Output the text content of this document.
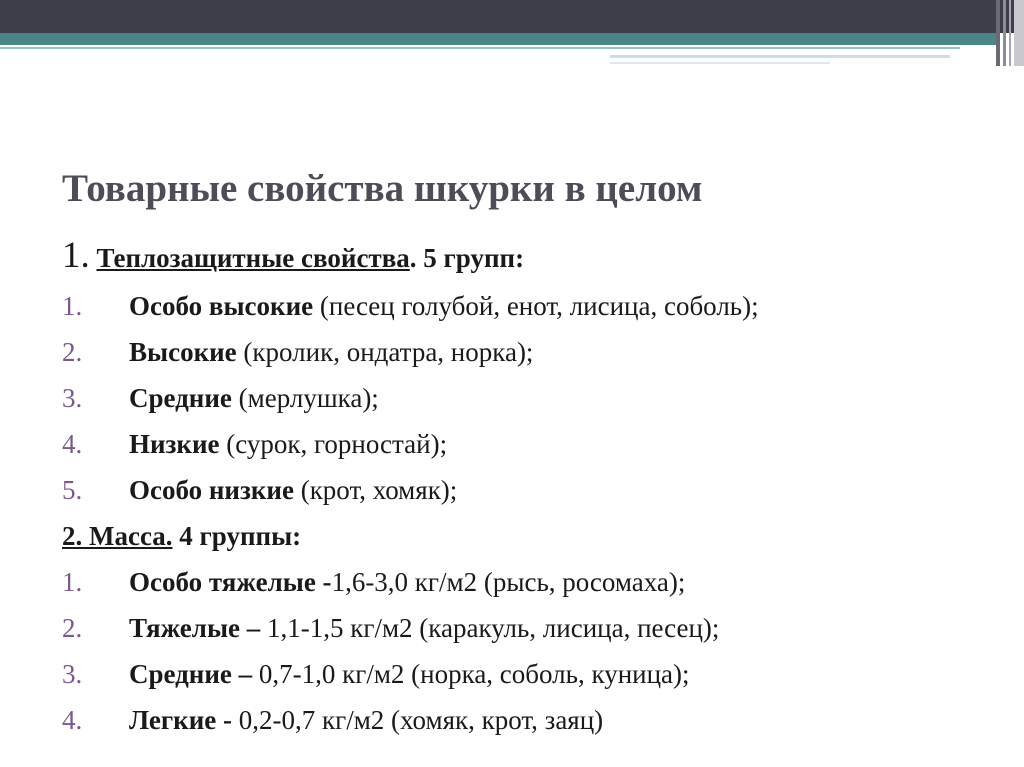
Товарные свойства шкурки в целом
1. Теплозащитные свойства. 5 групп:
1.	Особо высокие (песец голубой, енот, лисица, соболь);
2.	Высокие (кролик, ондатра, норка);
3.	Средние (мерлушка);
4.	Низкие (сурок, горностай);
5.	Особо низкие (крот, хомяк);
2. Масса. 4 группы:
1.	Особо тяжелые -1,6-3,0 кг/м2 (рысь, росомаха);
2.	Тяжелые – 1,1-1,5 кг/м2 (каракуль, лисица, песец);
3.	Средние – 0,7-1,0 кг/м2 (норка, соболь, куница);
4.	Легкие - 0,2-0,7 кг/м2 (хомяк, крот, заяц)
